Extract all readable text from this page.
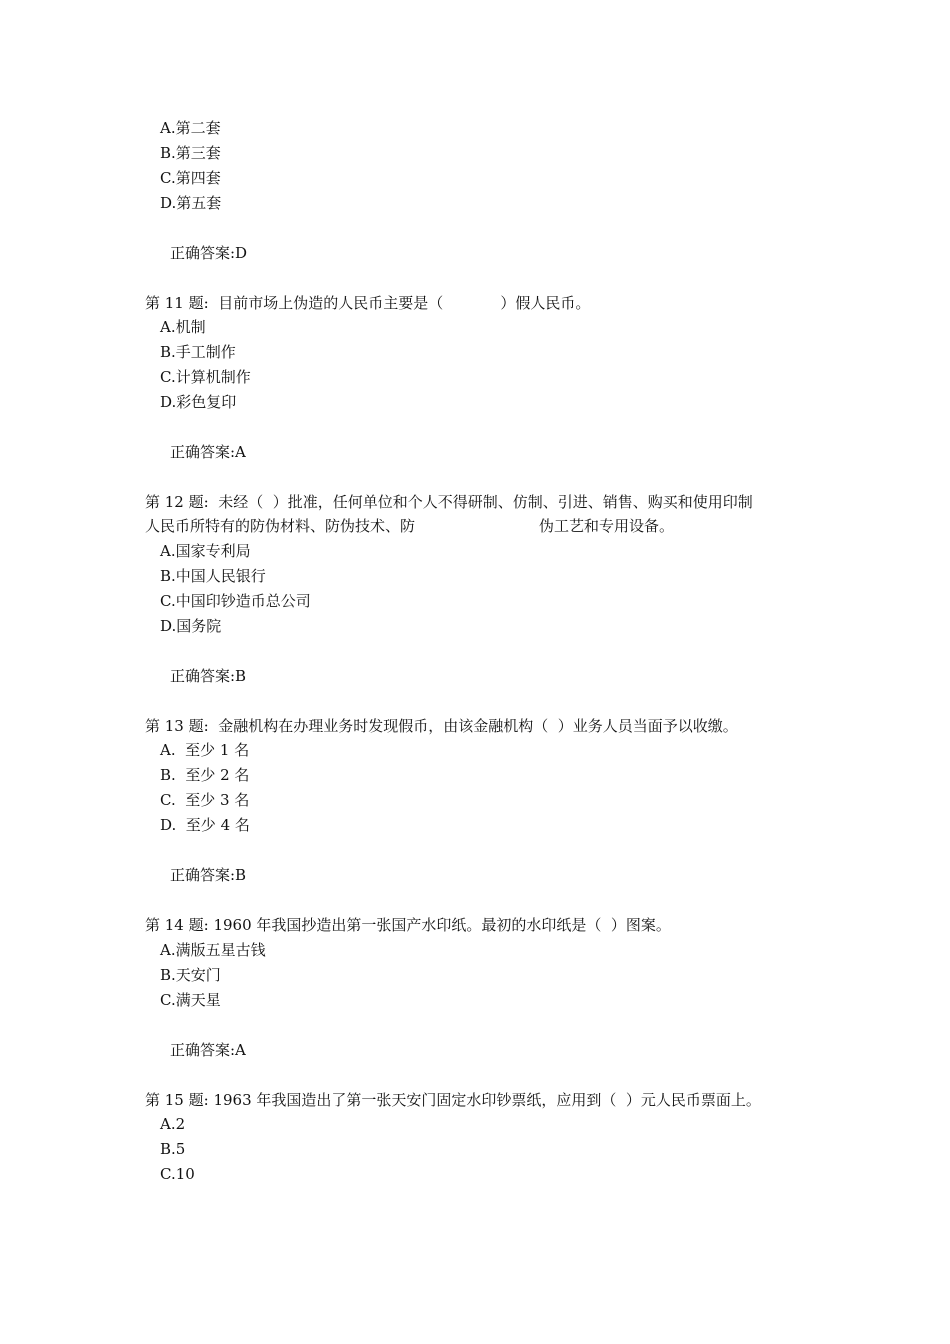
A.第二套
B.第三套
C.第四套
D.第五套
正确答案:D
第 11 题:  目前市场上伪造的人民币主要是（            ）假人民币。
A.机制
B.手工制作
C.计算机制作
D.彩色复印
正确答案:A
第 12 题:  未经（  ）批准，任何单位和个人不得研制、仿制、引进、销售、购买和使用印制
人民币所特有的防伪材料、防伪技术、防                          伪工艺和专用设备。
A.国家专利局
B.中国人民银行
C.中国印钞造币总公司
D.国务院
正确答案:B
第 13 题:  金融机构在办理业务时发现假币，由该金融机构（  ）业务人员当面予以收缴。
A.  至少 1 名
B.  至少 2 名
C.  至少 3 名
D.  至少 4 名
正确答案:B
第 14 题: 1960 年我国抄造出第一张国产水印纸。最初的水印纸是（  ）图案。
A.满版五星古钱
B.天安门
C.满天星
正确答案:A
第 15 题: 1963 年我国造出了第一张天安门固定水印钞票纸，应用到（  ）元人民币票面上。
A.2
B.5
C.10
